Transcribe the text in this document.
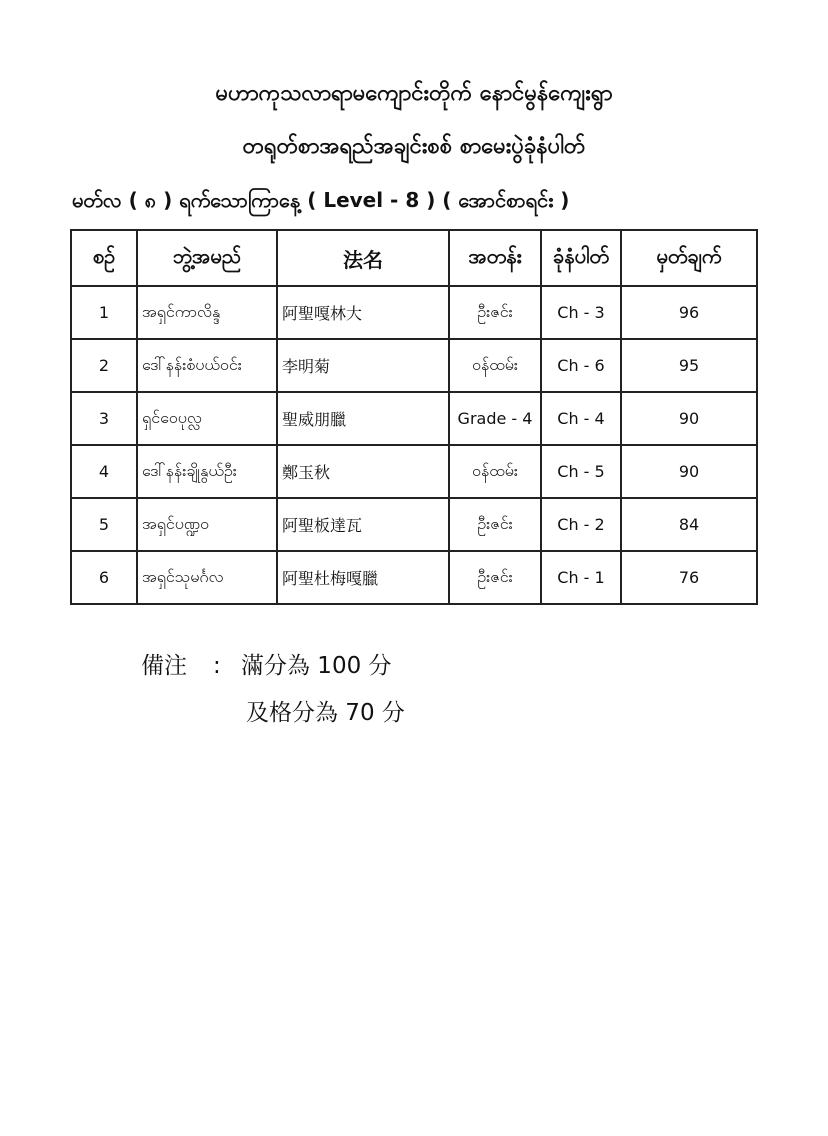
မဟာကုသလာရာမကျောင်းတိုက် နောင်မွန်ကျေးရွာ
တရုတ်စာအရည်အချင်းစစ် စာမေးပွဲခုံနံပါတ်
မတ်လ ( ၈ ) ရက်သောကြာနေ့ ( Level - 8 ) ( အောင်စာရင်း )
စဉ်	ဘွဲ့အမည်	法名	အတန်း	ခုံနံပါတ်	မှတ်ချက်
1	အရှင်ကာလိန္ဒ	阿聖嘎林大	ဦးဇင်း	Ch - 3	96
2	ဒေါ်နန်းစံပယ်ဝင်း	李明菊	ဝန်ထမ်း	Ch - 6	95
3	ရှင်ဝေပုလ္လ	聖威朋臘	Grade - 4	Ch - 4	90
4	ဒေါ်နန်းချိုနွယ်ဦး	鄭玉秋	ဝန်ထမ်း	Ch - 5	90
5	အရှင်ပဏ္ဍဝ	阿聖板達瓦	ဦးဇင်း	Ch - 2	84
6	အရှင်သုမင်္ဂလ	阿聖杜梅嘎臘	ဦးဇင်း	Ch - 1	76
備注 : 滿分為 100 分
及格分為 70 分
